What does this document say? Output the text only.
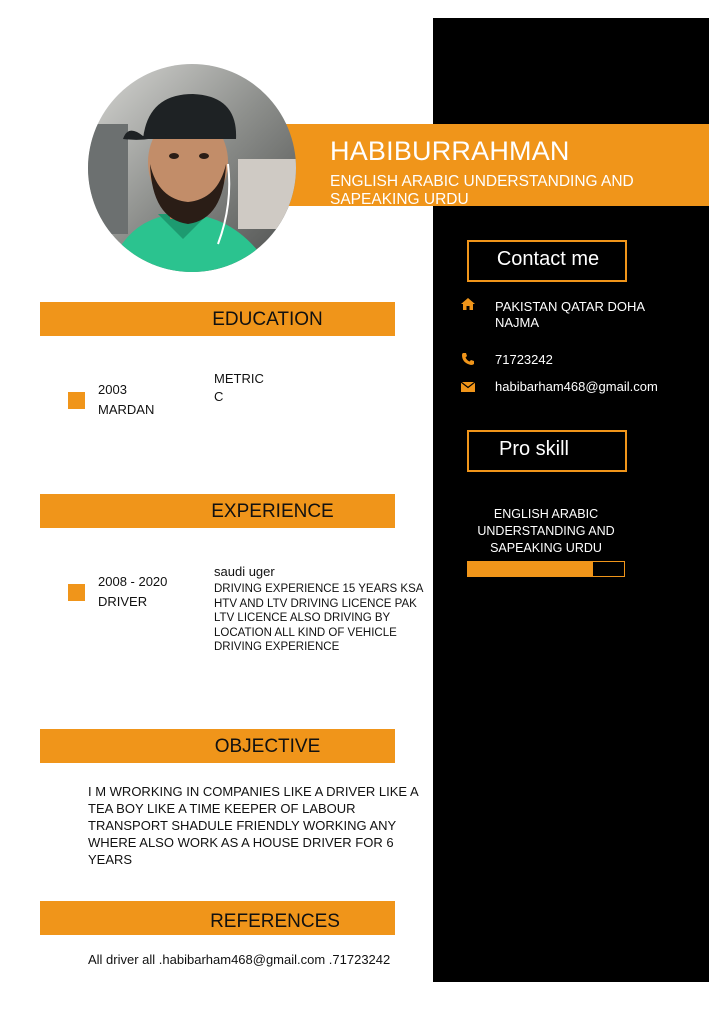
HABIBURRAHMAN
ENGLISH ARABIC UNDERSTANDING AND SAPEAKING URDU
EDUCATION
2003
MARDAN
METRIC
C
EXPERIENCE
2008 - 2020
DRIVER
saudi uger
DRIVING EXPERIENCE 15 YEARS KSA HTV AND LTV DRIVING LICENCE PAK LTV LICENCE ALSO DRIVING BY LOCATION ALL KIND OF VEHICLE DRIVING EXPERIENCE
OBJECTIVE
I M WRORKING IN COMPANIES LIKE A DRIVER LIKE A TEA BOY LIKE A TIME KEEPER OF LABOUR TRANSPORT SHADULE FRIENDLY WORKING ANY WHERE ALSO WORK AS A HOUSE DRIVER FOR 6 YEARS
REFERENCES
All driver all .habibarham468@gmail.com .71723242
Contact me
PAKISTAN QATAR DOHA NAJMA
71723242
habibarham468@gmail.com
Pro skill
ENGLISH ARABIC UNDERSTANDING AND SAPEAKING URDU
